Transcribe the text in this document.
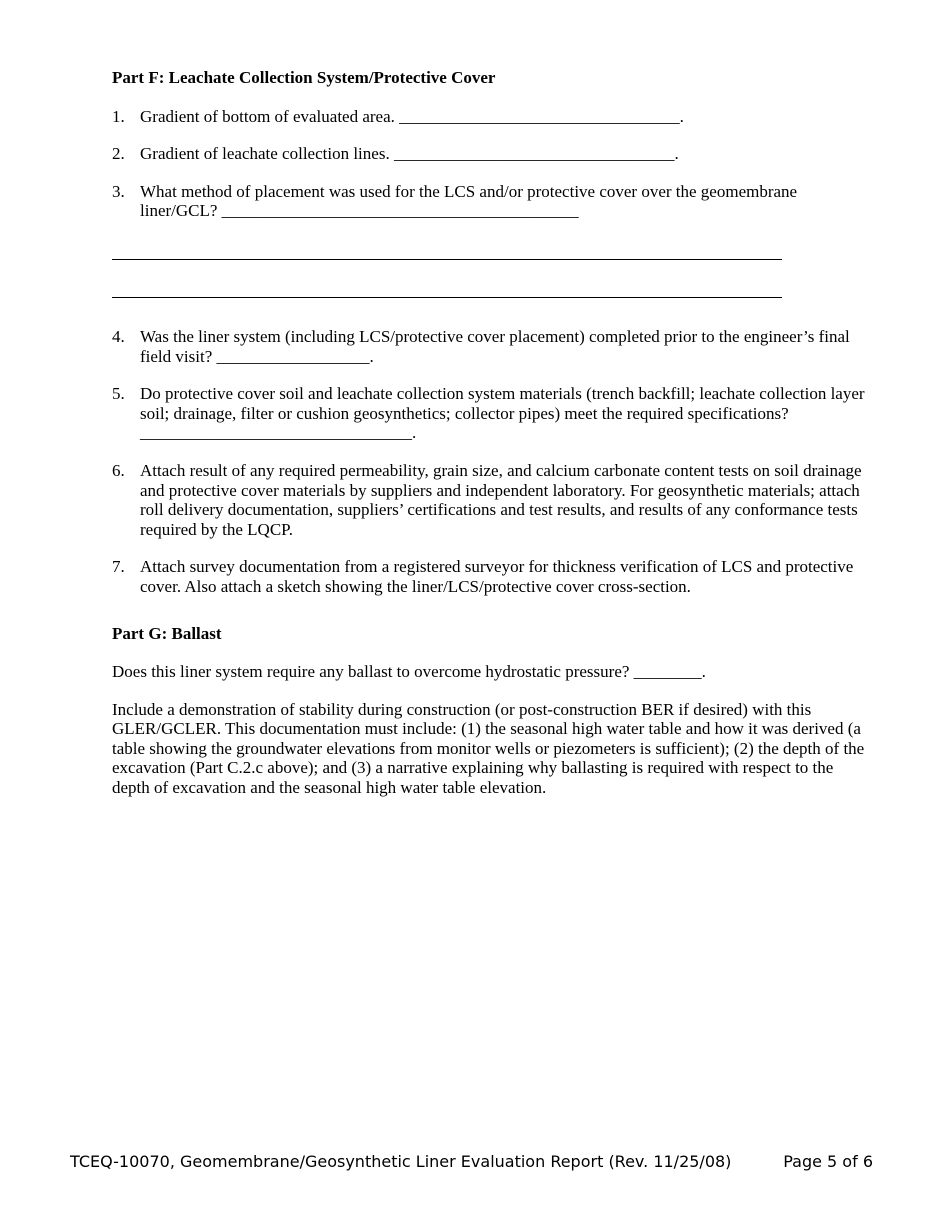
Part F: Leachate Collection System/Protective Cover

1. Gradient of bottom of evaluated area. _________________________________.
2. Gradient of leachate collection lines. _________________________________.
3. What method of placement was used for the LCS and/or protective cover over the geomembrane liner/GCL? __________________________________________
4. Was the liner system (including LCS/protective cover placement) completed prior to the engineer’s final field visit? __________________.
5. Do protective cover soil and leachate collection system materials (trench backfill; leachate collection layer soil; drainage, filter or cushion geosynthetics; collector pipes) meet the required specifications? ________________________________.
6. Attach result of any required permeability, grain size, and calcium carbonate content tests on soil drainage and protective cover materials by suppliers and independent laboratory. For geosynthetic materials; attach roll delivery documentation, suppliers’ certifications and test results, and results of any conformance tests required by the LQCP.
7. Attach survey documentation from a registered surveyor for thickness verification of LCS and protective cover. Also attach a sketch showing the liner/LCS/protective cover cross-section.

Part G: Ballast

Does this liner system require any ballast to overcome hydrostatic pressure? ________.

Include a demonstration of stability during construction (or post-construction BER if desired) with this GLER/GCLER. This documentation must include: (1) the seasonal high water table and how it was derived (a table showing the groundwater elevations from monitor wells or piezometers is sufficient); (2) the depth of the excavation (Part C.2.c above); and (3) a narrative explaining why ballasting is required with respect to the depth of excavation and the seasonal high water table elevation.

TCEQ-10070, Geomembrane/Geosynthetic Liner Evaluation Report (Rev. 11/25/08)	Page 5 of 6
